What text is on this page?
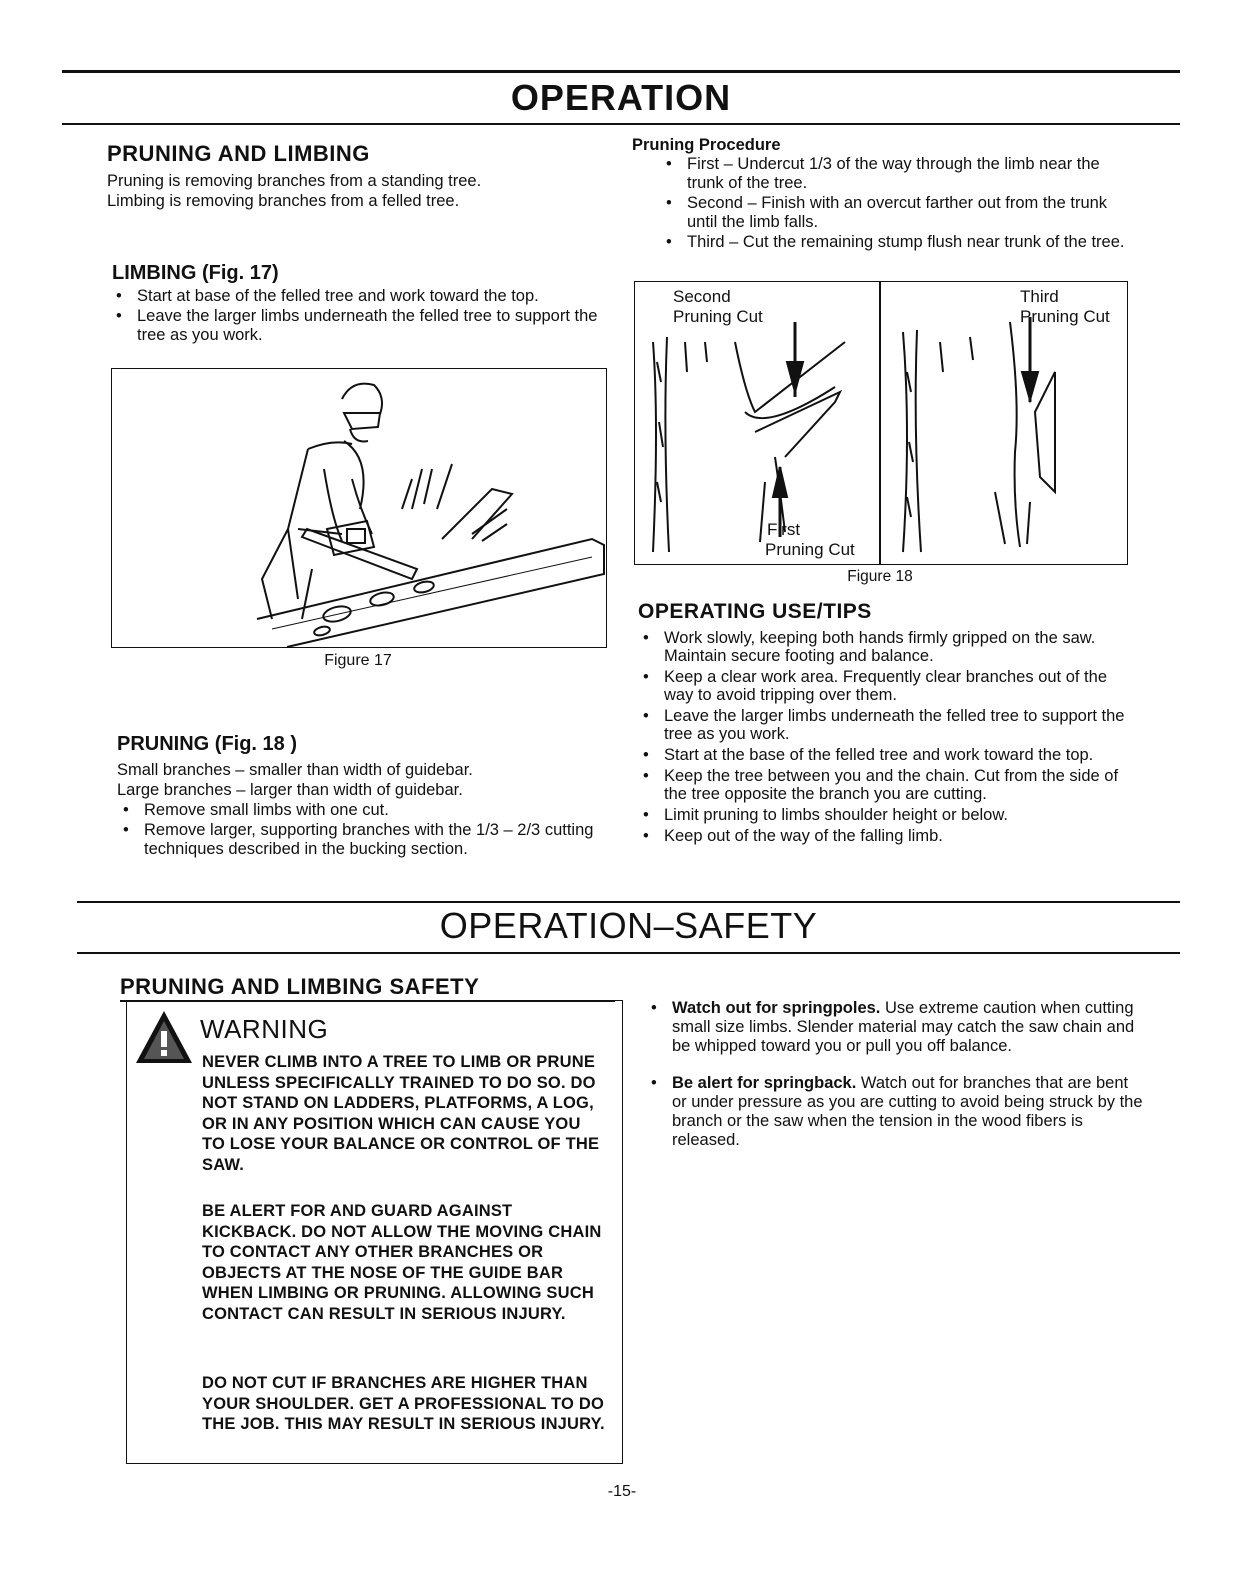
OPERATION
PRUNING AND LIMBING
Pruning is removing branches from a standing tree.
Limbing is removing branches from a felled tree.
LIMBING (Fig. 17)
• Start at base of the felled tree and work toward the top.
• Leave the larger limbs underneath the felled tree to support the tree as you work.
Figure 17
PRUNING (Fig. 18 )
Small branches – smaller than width of guidebar.
Large branches – larger than width of guidebar.
• Remove small limbs with one cut.
• Remove larger, supporting branches with the 1/3 – 2/3 cutting techniques described in the bucking section.
Pruning Procedure
• First – Undercut 1/3 of the way through the limb near the trunk of the tree.
• Second – Finish with an overcut farther out from the trunk until the limb falls.
• Third – Cut the remaining stump flush near trunk of the tree.
Second
Pruning Cut
Third
Pruning Cut
First
Pruning Cut
Figure 18
OPERATING USE/TIPS
• Work slowly, keeping both hands firmly gripped on the saw. Maintain secure footing and balance.
• Keep a clear work area. Frequently clear branches out of the way to avoid tripping over them.
• Leave the larger limbs underneath the felled tree to support the tree as you work.
• Start at the base of the felled tree and work toward the top.
• Keep the tree between you and the chain. Cut from the side of the tree opposite the branch you are cutting.
• Limit pruning to limbs shoulder height or below.
• Keep out of the way of the falling limb.
OPERATION–SAFETY
PRUNING AND LIMBING SAFETY
WARNING
NEVER CLIMB INTO A TREE TO LIMB OR PRUNE UNLESS SPECIFICALLY TRAINED TO DO SO. DO NOT STAND ON LADDERS, PLATFORMS, A LOG, OR IN ANY POSITION WHICH CAN CAUSE YOU TO LOSE YOUR BALANCE OR CONTROL OF THE SAW.
BE ALERT FOR AND GUARD AGAINST KICKBACK. DO NOT ALLOW THE MOVING CHAIN TO CONTACT ANY OTHER BRANCHES OR OBJECTS AT THE NOSE OF THE GUIDE BAR WHEN LIMBING OR PRUNING. ALLOWING SUCH CONTACT CAN RESULT IN SERIOUS INJURY.
DO NOT CUT IF BRANCHES ARE HIGHER THAN YOUR SHOULDER. GET A PROFESSIONAL TO DO THE JOB. THIS MAY RESULT IN SERIOUS INJURY.
• Watch out for springpoles. Use extreme caution when cutting small size limbs. Slender material may catch the saw chain and be whipped toward you or pull you off balance.
• Be alert for springback. Watch out for branches that are bent or under pressure as you are cutting to avoid being struck by the branch or the saw when the tension in the wood fibers is released.
-15-
